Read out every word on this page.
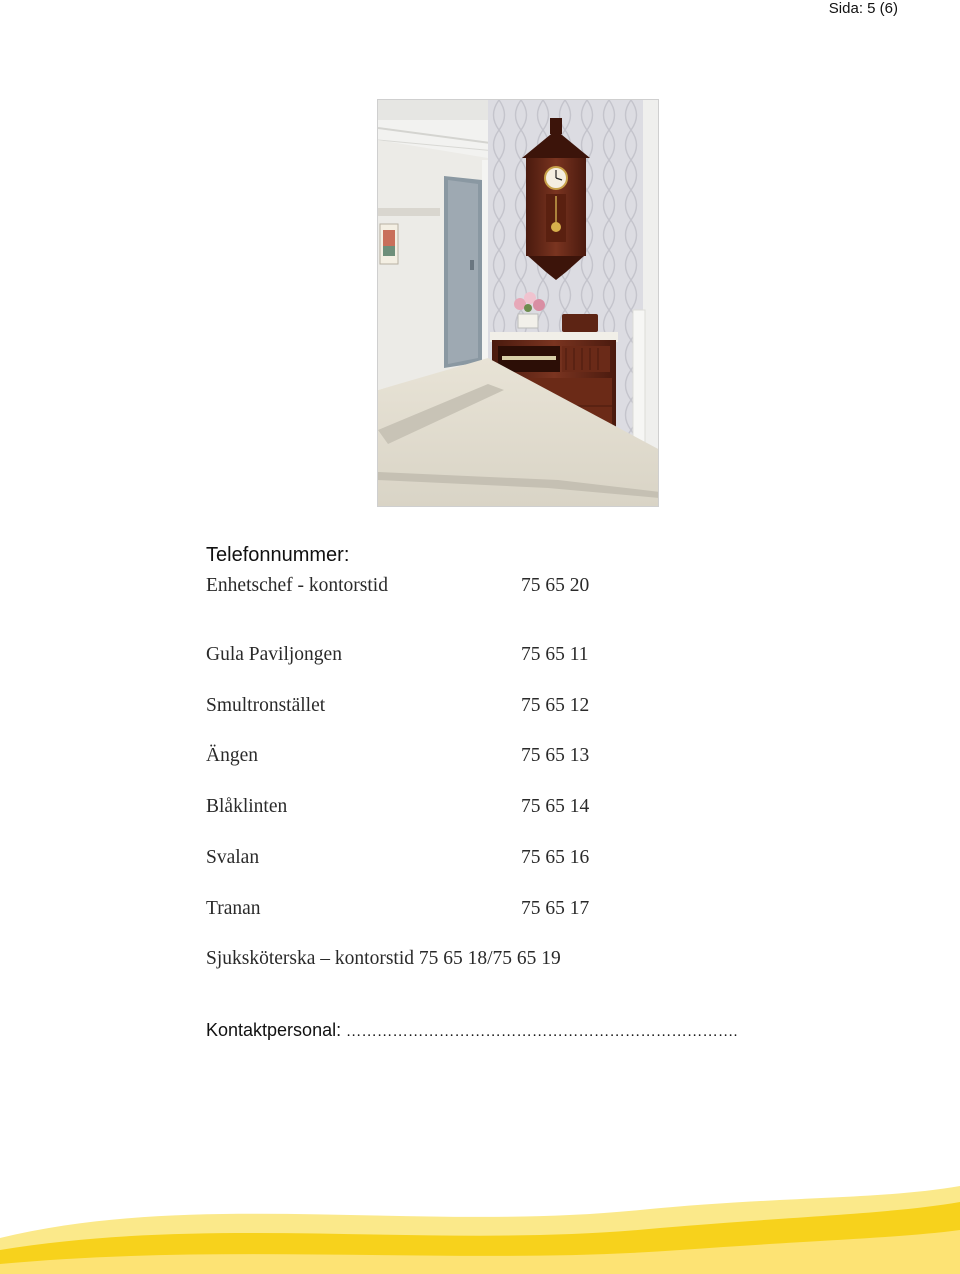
Sida: 5 (6)
Telefonnummer:
Enhetschef - kontorstid	75 65 20
Gula Paviljongen	75 65 11
Smultronstället	75 65 12
Ängen	75 65 13
Blåklinten	75 65 14
Svalan	75 65 16
Tranan	75 65 17
Sjuksköterska – kontorstid 75 65 18/75 65 19
Kontaktpersonal: ………………………………………………………………….
